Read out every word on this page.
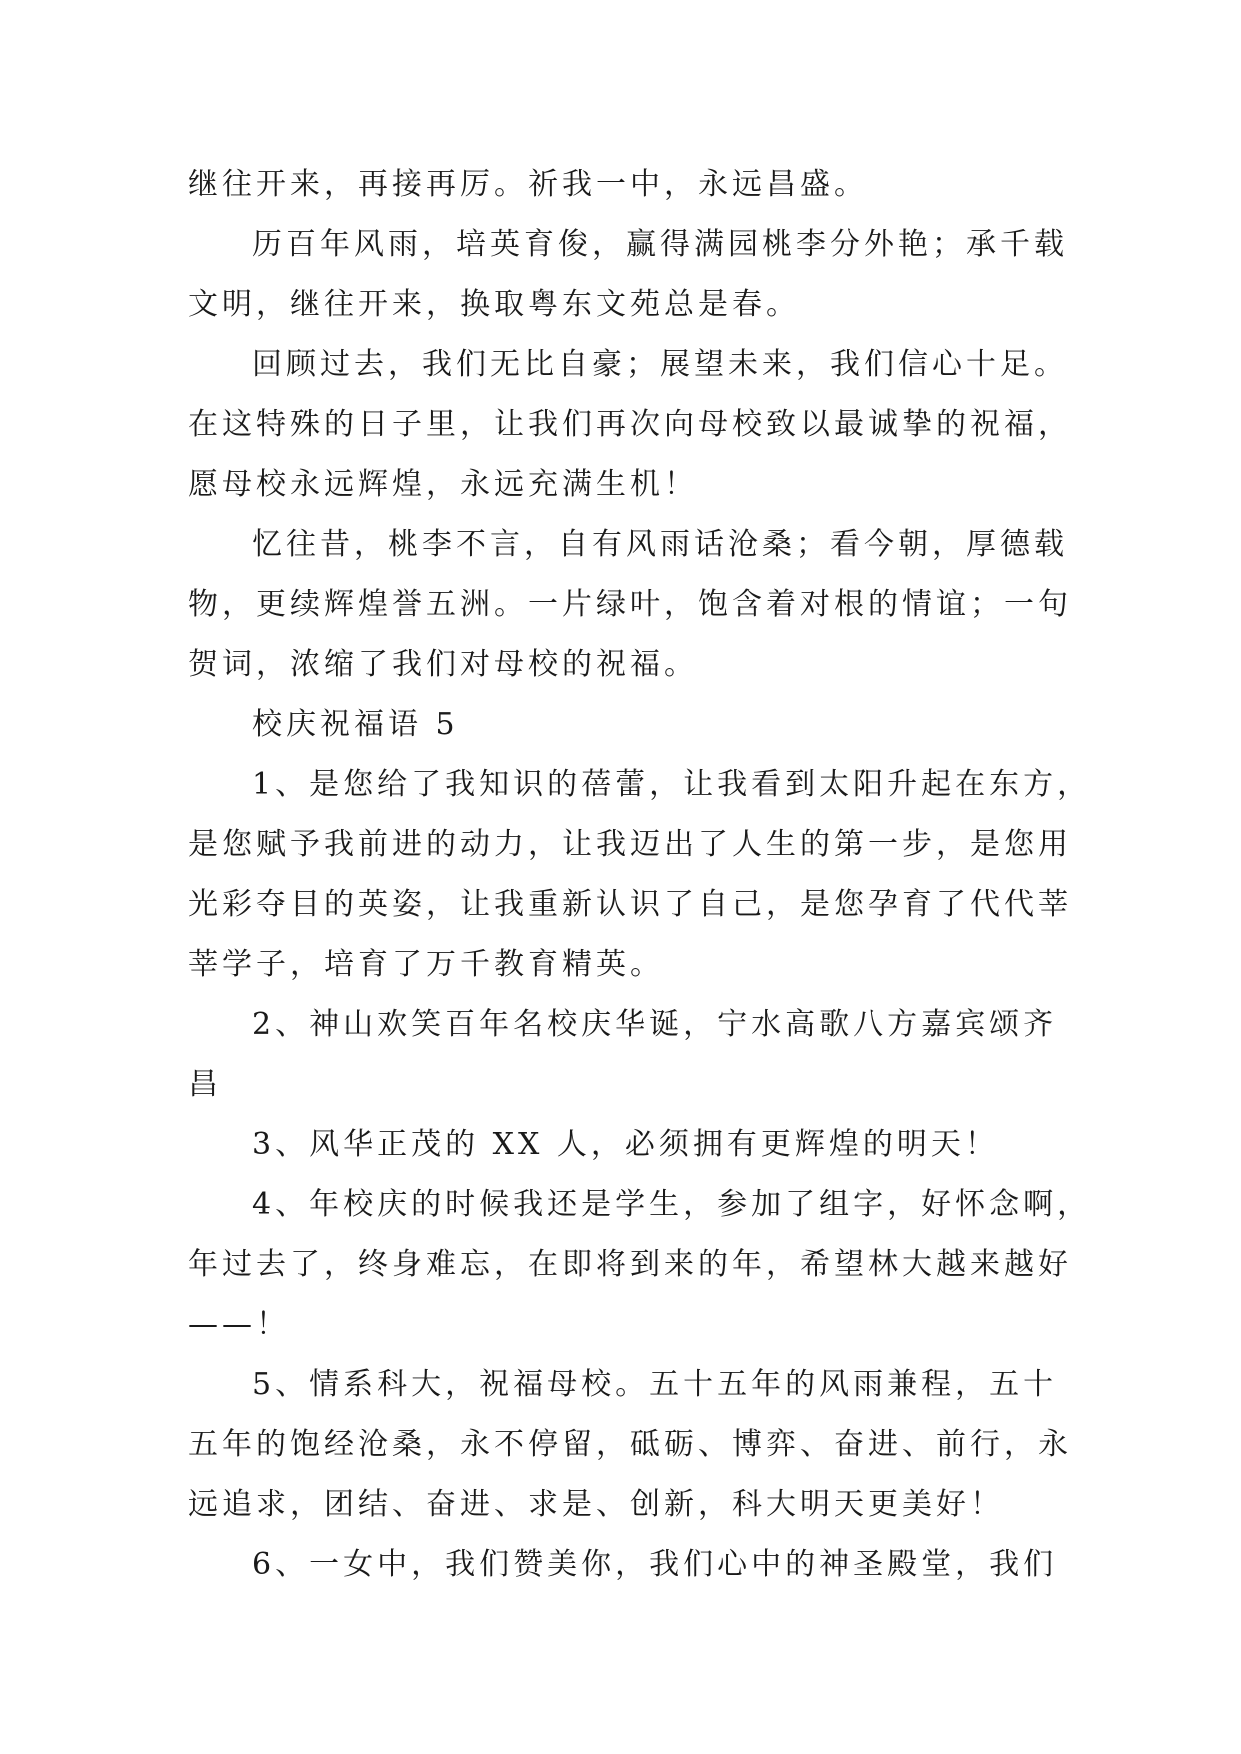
继往开来，再接再厉。祈我一中，永远昌盛。
历百年风雨，培英育俊，赢得满园桃李分外艳；承千载
文明，继往开来，换取粤东文苑总是春。
回顾过去，我们无比自豪；展望未来，我们信心十足。
在这特殊的日子里，让我们再次向母校致以最诚挚的祝福，
愿母校永远辉煌，永远充满生机！
忆往昔，桃李不言，自有风雨话沧桑；看今朝，厚德载
物，更续辉煌誉五洲。一片绿叶，饱含着对根的情谊；一句
贺词，浓缩了我们对母校的祝福。
校庆祝福语 5
1、是您给了我知识的蓓蕾，让我看到太阳升起在东方，
是您赋予我前进的动力，让我迈出了人生的第一步，是您用
光彩夺目的英姿，让我重新认识了自己，是您孕育了代代莘
莘学子，培育了万千教育精英。
2、神山欢笑百年名校庆华诞，宁水高歌八方嘉宾颂齐
昌
3、风华正茂的 XX 人，必须拥有更辉煌的明天！
4、年校庆的时候我还是学生，参加了组字，好怀念啊，
年过去了，终身难忘，在即将到来的年，希望林大越来越好
——！
5、情系科大，祝福母校。五十五年的风雨兼程，五十
五年的饱经沧桑，永不停留，砥砺、博弈、奋进、前行，永
远追求，团结、奋进、求是、创新，科大明天更美好！
6、一女中，我们赞美你，我们心中的神圣殿堂，我们
